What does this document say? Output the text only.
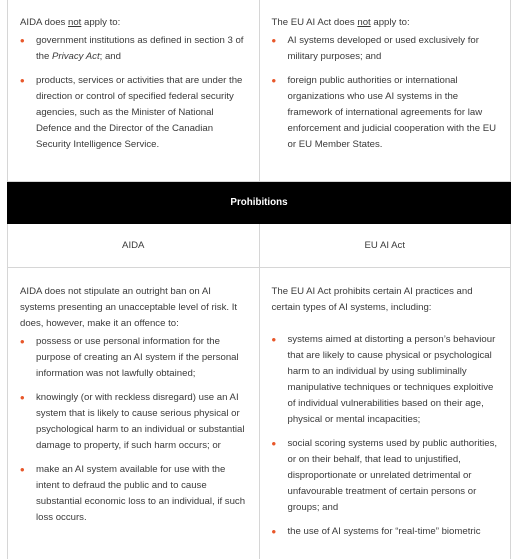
AIDA does not apply to:

• government institutions as defined in section 3 of the Privacy Act; and
• products, services or activities that are under the direction or control of specified federal security agencies, such as the Minister of National Defence and the Director of the Canadian Security Intelligence Service.

The EU AI Act does not apply to:

• AI systems developed or used exclusively for military purposes; and
• foreign public authorities or international organizations who use AI systems in the framework of international agreements for law enforcement and judicial cooperation with the EU or EU Member States.
Prohibitions
AIDA	EU AI Act

AIDA does not stipulate an outright ban on AI systems presenting an unacceptable level of risk. It does, however, make it an offence to:

• possess or use personal information for the purpose of creating an AI system if the personal information was not lawfully obtained;
• knowingly (or with reckless disregard) use an AI system that is likely to cause serious physical or psychological harm to an individual or substantial damage to property, if such harm occurs; or
• make an AI system available for use with the intent to defraud the public and to cause substantial economic loss to an individual, if such loss occurs.

The EU AI Act prohibits certain AI practices and certain types of AI systems, including:

• systems aimed at distorting a person’s behaviour that are likely to cause physical or psychological harm to an individual by using subliminally manipulative techniques or techniques exploitive of individual vulnerabilities based on their age, physical or mental incapacities;
• social scoring systems used by public authorities, or on their behalf, that lead to unjustified, disproportionate or unrelated detrimental or unfavourable treatment of certain persons or groups; and
• the use of AI systems for “real-time” biometric
